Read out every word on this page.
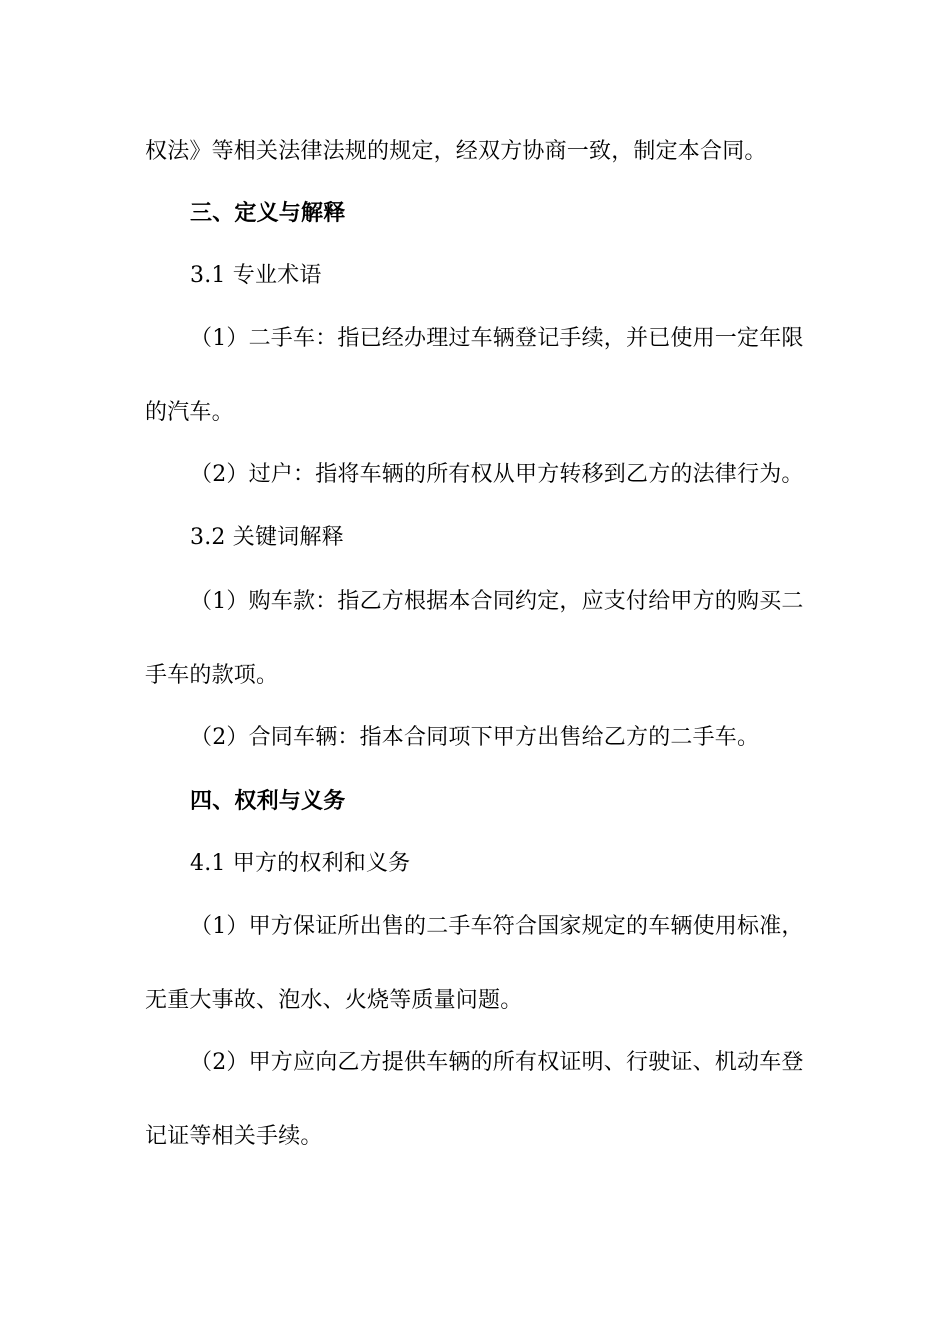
权法》等相关法律法规的规定，经双方协商一致，制定本合同。
三、定义与解释
3.1 专业术语
（1）二手车：指已经办理过车辆登记手续，并已使用一定年限
的汽车。
（2）过户：指将车辆的所有权从甲方转移到乙方的法律行为。
3.2 关键词解释
（1）购车款：指乙方根据本合同约定，应支付给甲方的购买二
手车的款项。
（2）合同车辆：指本合同项下甲方出售给乙方的二手车。
四、权利与义务
4.1 甲方的权利和义务
（1）甲方保证所出售的二手车符合国家规定的车辆使用标准，
无重大事故、泡水、火烧等质量问题。
（2）甲方应向乙方提供车辆的所有权证明、行驶证、机动车登
记证等相关手续。
